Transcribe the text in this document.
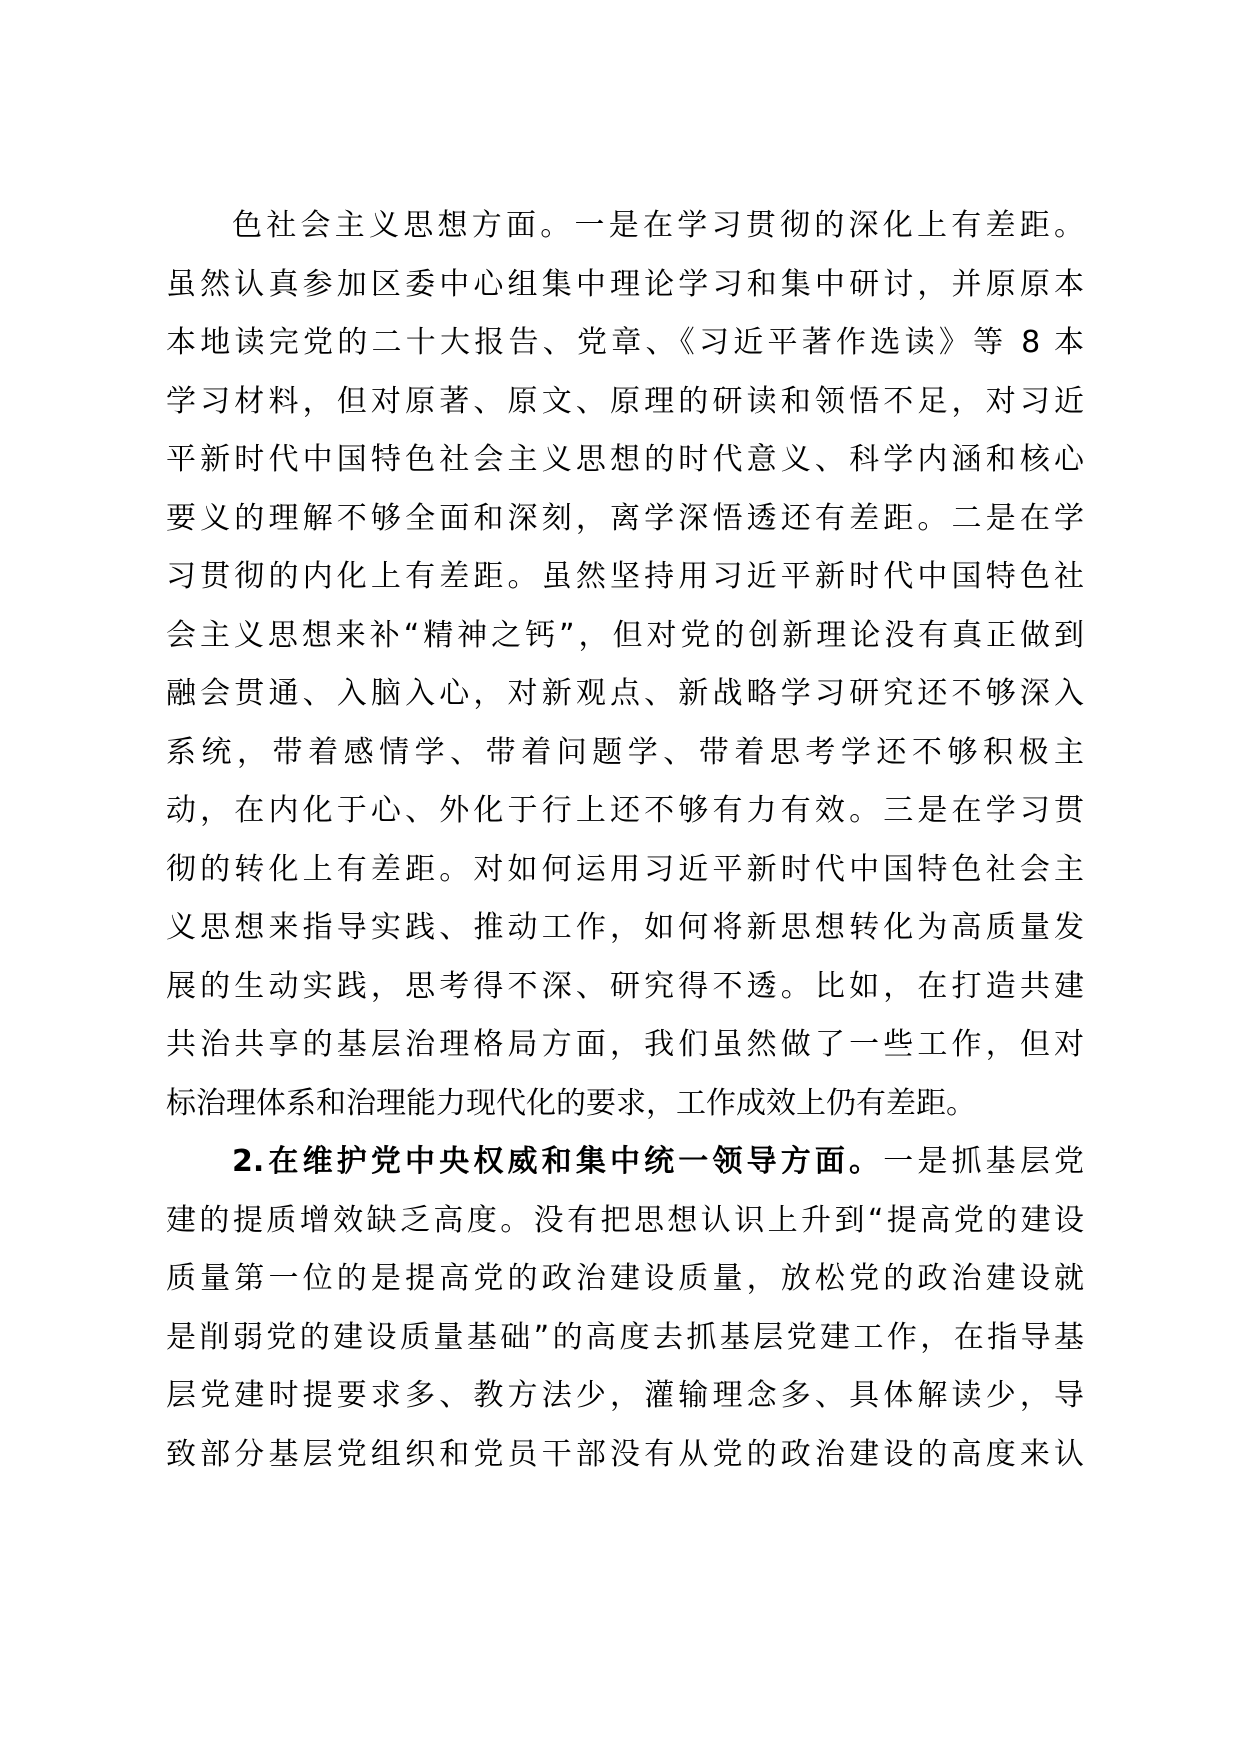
色社会主义思想方面。一是在学习贯彻的深化上有差距。
虽然认真参加区委中心组集中理论学习和集中研讨，并原原本
本地读完党的二十大报告、党章、《习近平著作选读》等 8 本
学习材料，但对原著、原文、原理的研读和领悟不足，对习近
平新时代中国特色社会主义思想的时代意义、科学内涵和核心
要义的理解不够全面和深刻，离学深悟透还有差距。二是在学
习贯彻的内化上有差距。虽然坚持用习近平新时代中国特色社
会主义思想来补“精神之钙”，但对党的创新理论没有真正做到
融会贯通、入脑入心，对新观点、新战略学习研究还不够深入
系统，带着感情学、带着问题学、带着思考学还不够积极主
动，在内化于心、外化于行上还不够有力有效。三是在学习贯
彻的转化上有差距。对如何运用习近平新时代中国特色社会主
义思想来指导实践、推动工作，如何将新思想转化为高质量发
展的生动实践，思考得不深、研究得不透。比如，在打造共建
共治共享的基层治理格局方面，我们虽然做了一些工作，但对
标治理体系和治理能力现代化的要求，工作成效上仍有差距。
2.在维护党中央权威和集中统一领导方面。一是抓基层党
建的提质增效缺乏高度。没有把思想认识上升到“提高党的建设
质量第一位的是提高党的政治建设质量，放松党的政治建设就
是削弱党的建设质量基础”的高度去抓基层党建工作，在指导基
层党建时提要求多、教方法少，灌输理念多、具体解读少，导
致部分基层党组织和党员干部没有从党的政治建设的高度来认
